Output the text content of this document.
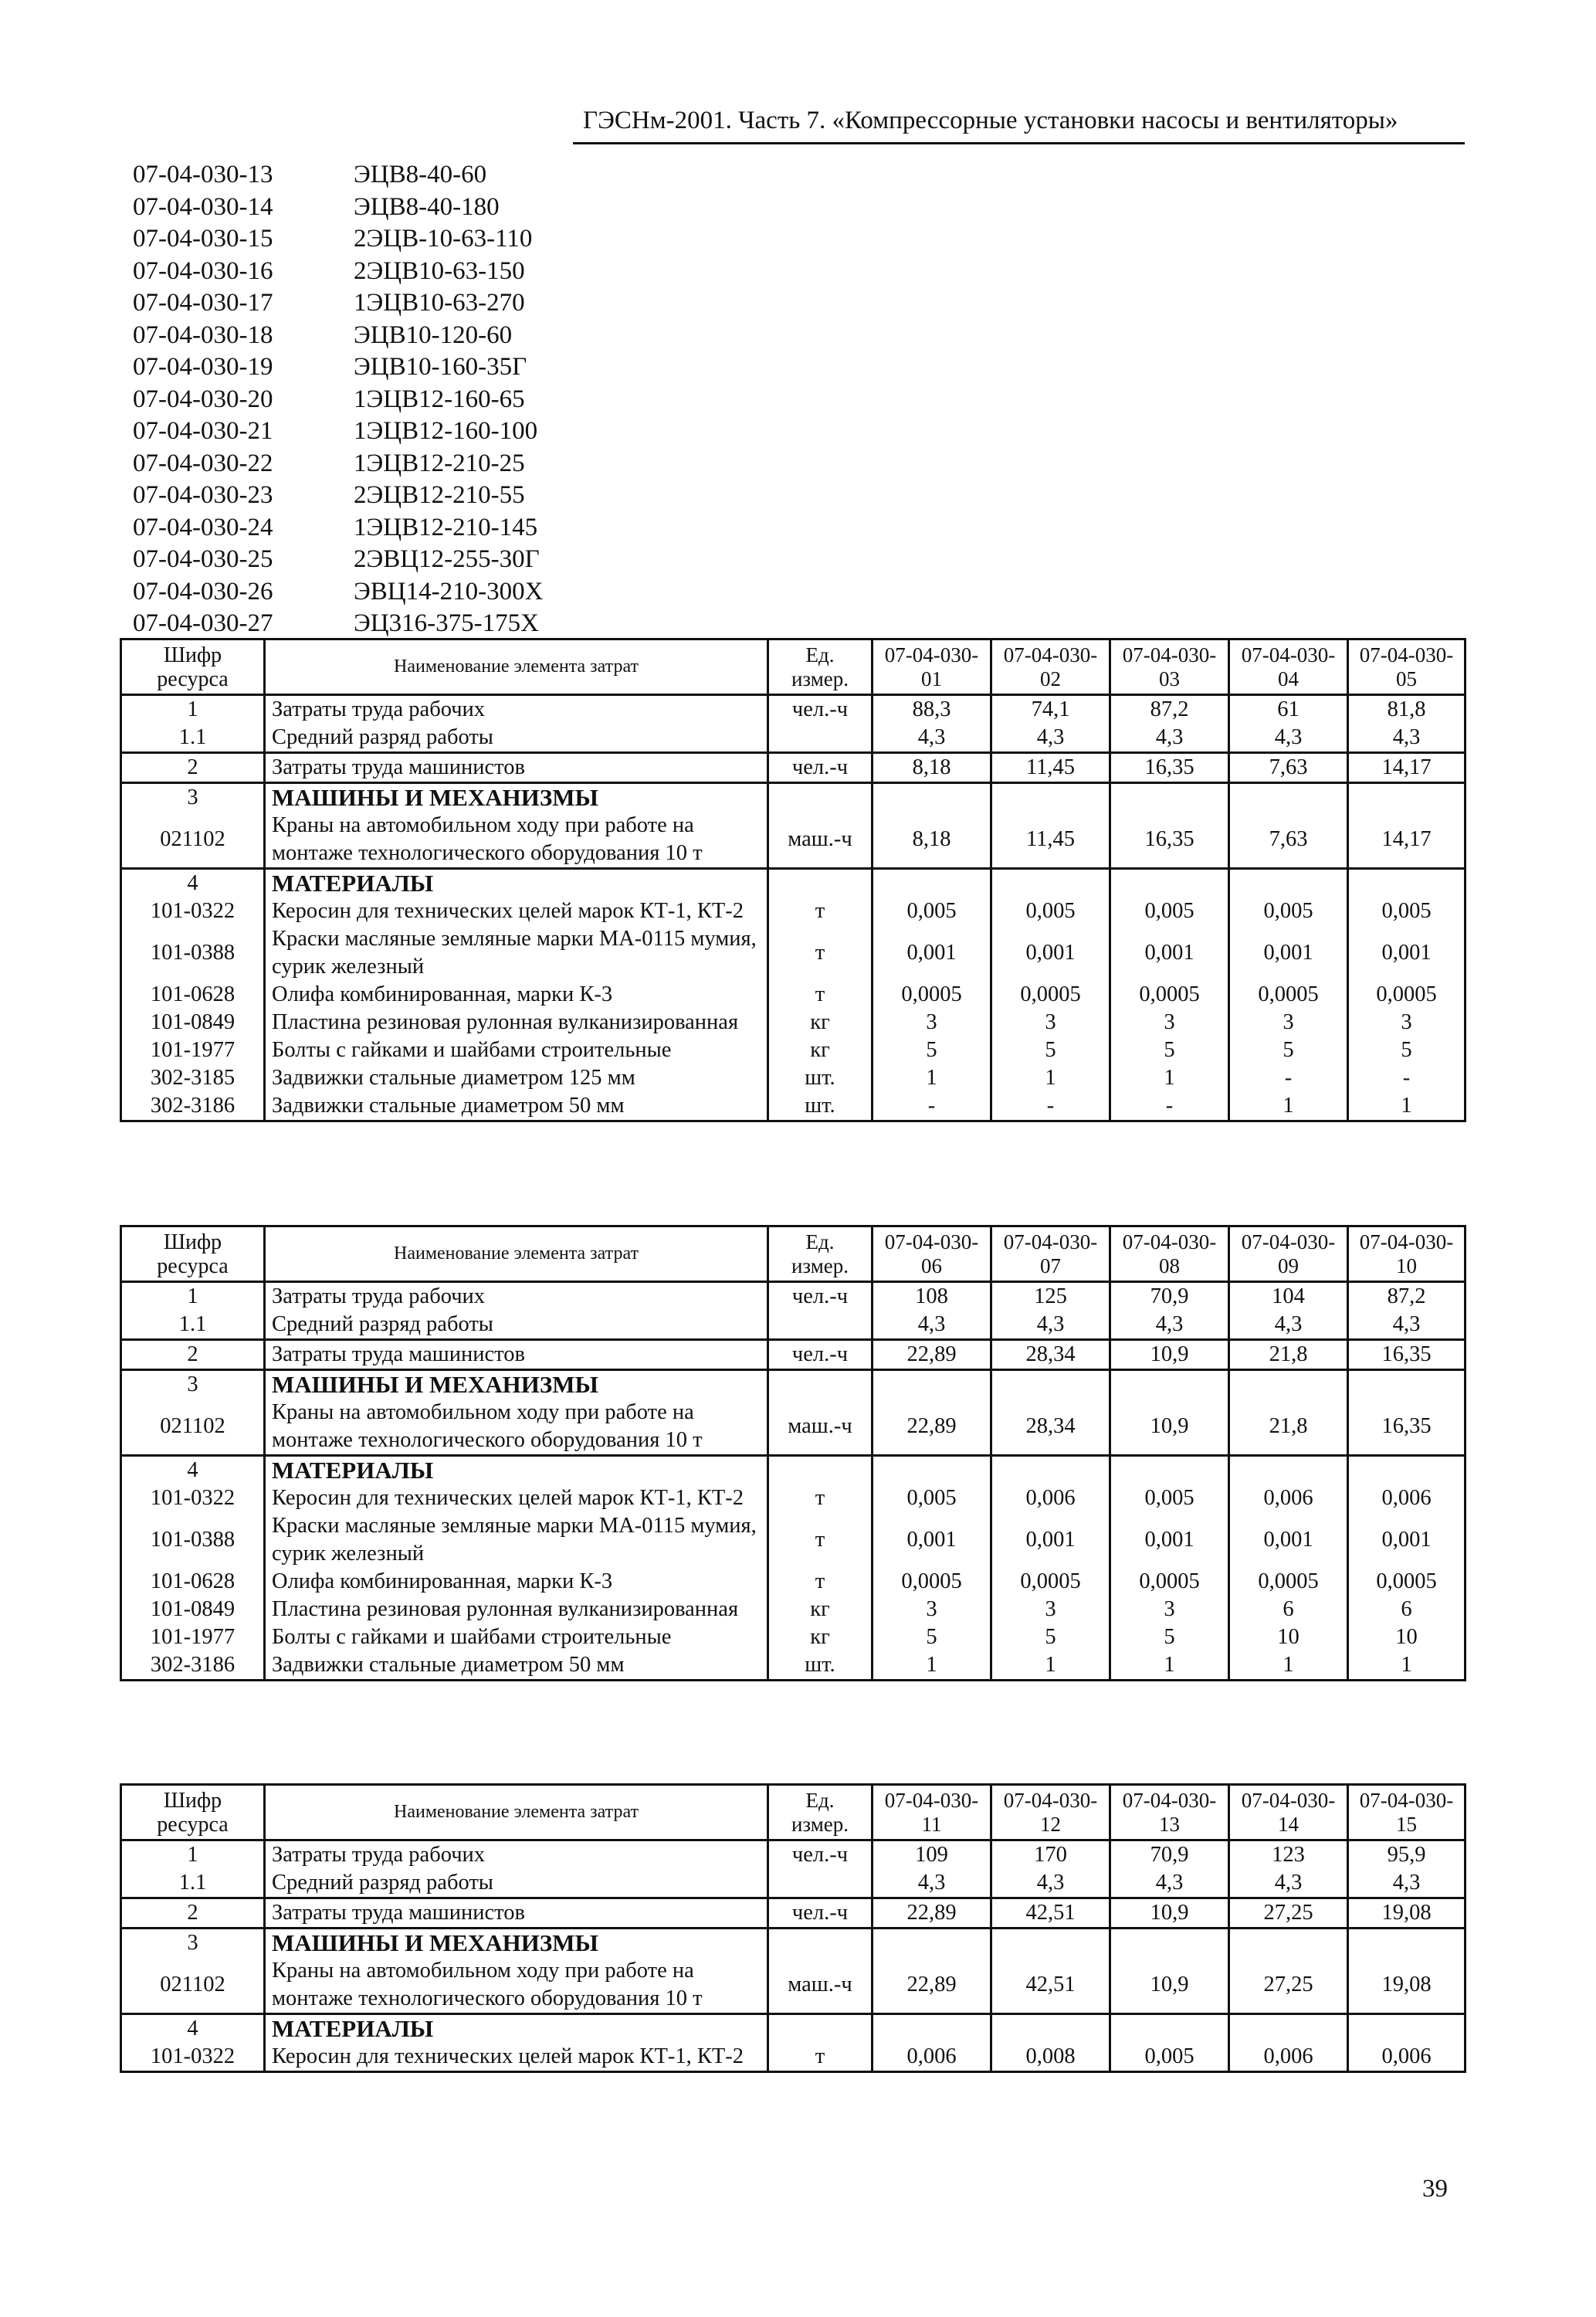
ГЭСНм-2001. Часть 7. «Компрессорные установки насосы и вентиляторы»
07-04-030-13	ЭЦВ8-40-60
07-04-030-14	ЭЦВ8-40-180
07-04-030-15	2ЭЦВ-10-63-110
07-04-030-16	2ЭЦВ10-63-150
07-04-030-17	1ЭЦВ10-63-270
07-04-030-18	ЭЦВ10-120-60
07-04-030-19	ЭЦВ10-160-35Г
07-04-030-20	1ЭЦВ12-160-65
07-04-030-21	1ЭЦВ12-160-100
07-04-030-22	1ЭЦВ12-210-25
07-04-030-23	2ЭЦВ12-210-55
07-04-030-24	1ЭЦВ12-210-145
07-04-030-25	2ЭВЦ12-255-30Г
07-04-030-26	ЭВЦ14-210-300Х
07-04-030-27	ЭЦ316-375-175Х
Шифр ресурса	Наименование элемента затрат	Ед. измер.	07-04-030-01	07-04-030-02	07-04-030-03	07-04-030-04	07-04-030-05
1	Затраты труда рабочих	чел.-ч	88,3	74,1	87,2	61	81,8
1.1	Средний разряд работы		4,3	4,3	4,3	4,3	4,3
2	Затраты труда машинистов	чел.-ч	8,18	11,45	16,35	7,63	14,17
3	МАШИНЫ И МЕХАНИЗМЫ						
021102	Краны на автомобильном ходу при работе на монтаже технологического оборудования 10 т	маш.-ч	8,18	11,45	16,35	7,63	14,17
4	МАТЕРИАЛЫ						
101-0322	Керосин для технических целей марок КТ-1, КТ-2	т	0,005	0,005	0,005	0,005	0,005
101-0388	Краски масляные земляные марки МА-0115 мумия, сурик железный	т	0,001	0,001	0,001	0,001	0,001
101-0628	Олифа комбинированная, марки К-3	т	0,0005	0,0005	0,0005	0,0005	0,0005
101-0849	Пластина резиновая рулонная вулканизированная	кг	3	3	3	3	3
101-1977	Болты с гайками и шайбами строительные	кг	5	5	5	5	5
302-3185	Задвижки стальные диаметром 125 мм	шт.	1	1	1	-	-
302-3186	Задвижки стальные диаметром 50 мм	шт.	-	-	-	1	1
Шифр ресурса	Наименование элемента затрат	Ед. измер.	07-04-030-06	07-04-030-07	07-04-030-08	07-04-030-09	07-04-030-10
1	Затраты труда рабочих	чел.-ч	108	125	70,9	104	87,2
1.1	Средний разряд работы		4,3	4,3	4,3	4,3	4,3
2	Затраты труда машинистов	чел.-ч	22,89	28,34	10,9	21,8	16,35
3	МАШИНЫ И МЕХАНИЗМЫ						
021102	Краны на автомобильном ходу при работе на монтаже технологического оборудования 10 т	маш.-ч	22,89	28,34	10,9	21,8	16,35
4	МАТЕРИАЛЫ						
101-0322	Керосин для технических целей марок КТ-1, КТ-2	т	0,005	0,006	0,005	0,006	0,006
101-0388	Краски масляные земляные марки МА-0115 мумия, сурик железный	т	0,001	0,001	0,001	0,001	0,001
101-0628	Олифа комбинированная, марки К-3	т	0,0005	0,0005	0,0005	0,0005	0,0005
101-0849	Пластина резиновая рулонная вулканизированная	кг	3	3	3	6	6
101-1977	Болты с гайками и шайбами строительные	кг	5	5	5	10	10
302-3186	Задвижки стальные диаметром 50 мм	шт.	1	1	1	1	1
Шифр ресурса	Наименование элемента затрат	Ед. измер.	07-04-030-11	07-04-030-12	07-04-030-13	07-04-030-14	07-04-030-15
1	Затраты труда рабочих	чел.-ч	109	170	70,9	123	95,9
1.1	Средний разряд работы		4,3	4,3	4,3	4,3	4,3
2	Затраты труда машинистов	чел.-ч	22,89	42,51	10,9	27,25	19,08
3	МАШИНЫ И МЕХАНИЗМЫ						
021102	Краны на автомобильном ходу при работе на монтаже технологического оборудования 10 т	маш.-ч	22,89	42,51	10,9	27,25	19,08
4	МАТЕРИАЛЫ						
101-0322	Керосин для технических целей марок КТ-1, КТ-2	т	0,006	0,008	0,005	0,006	0,006
39
